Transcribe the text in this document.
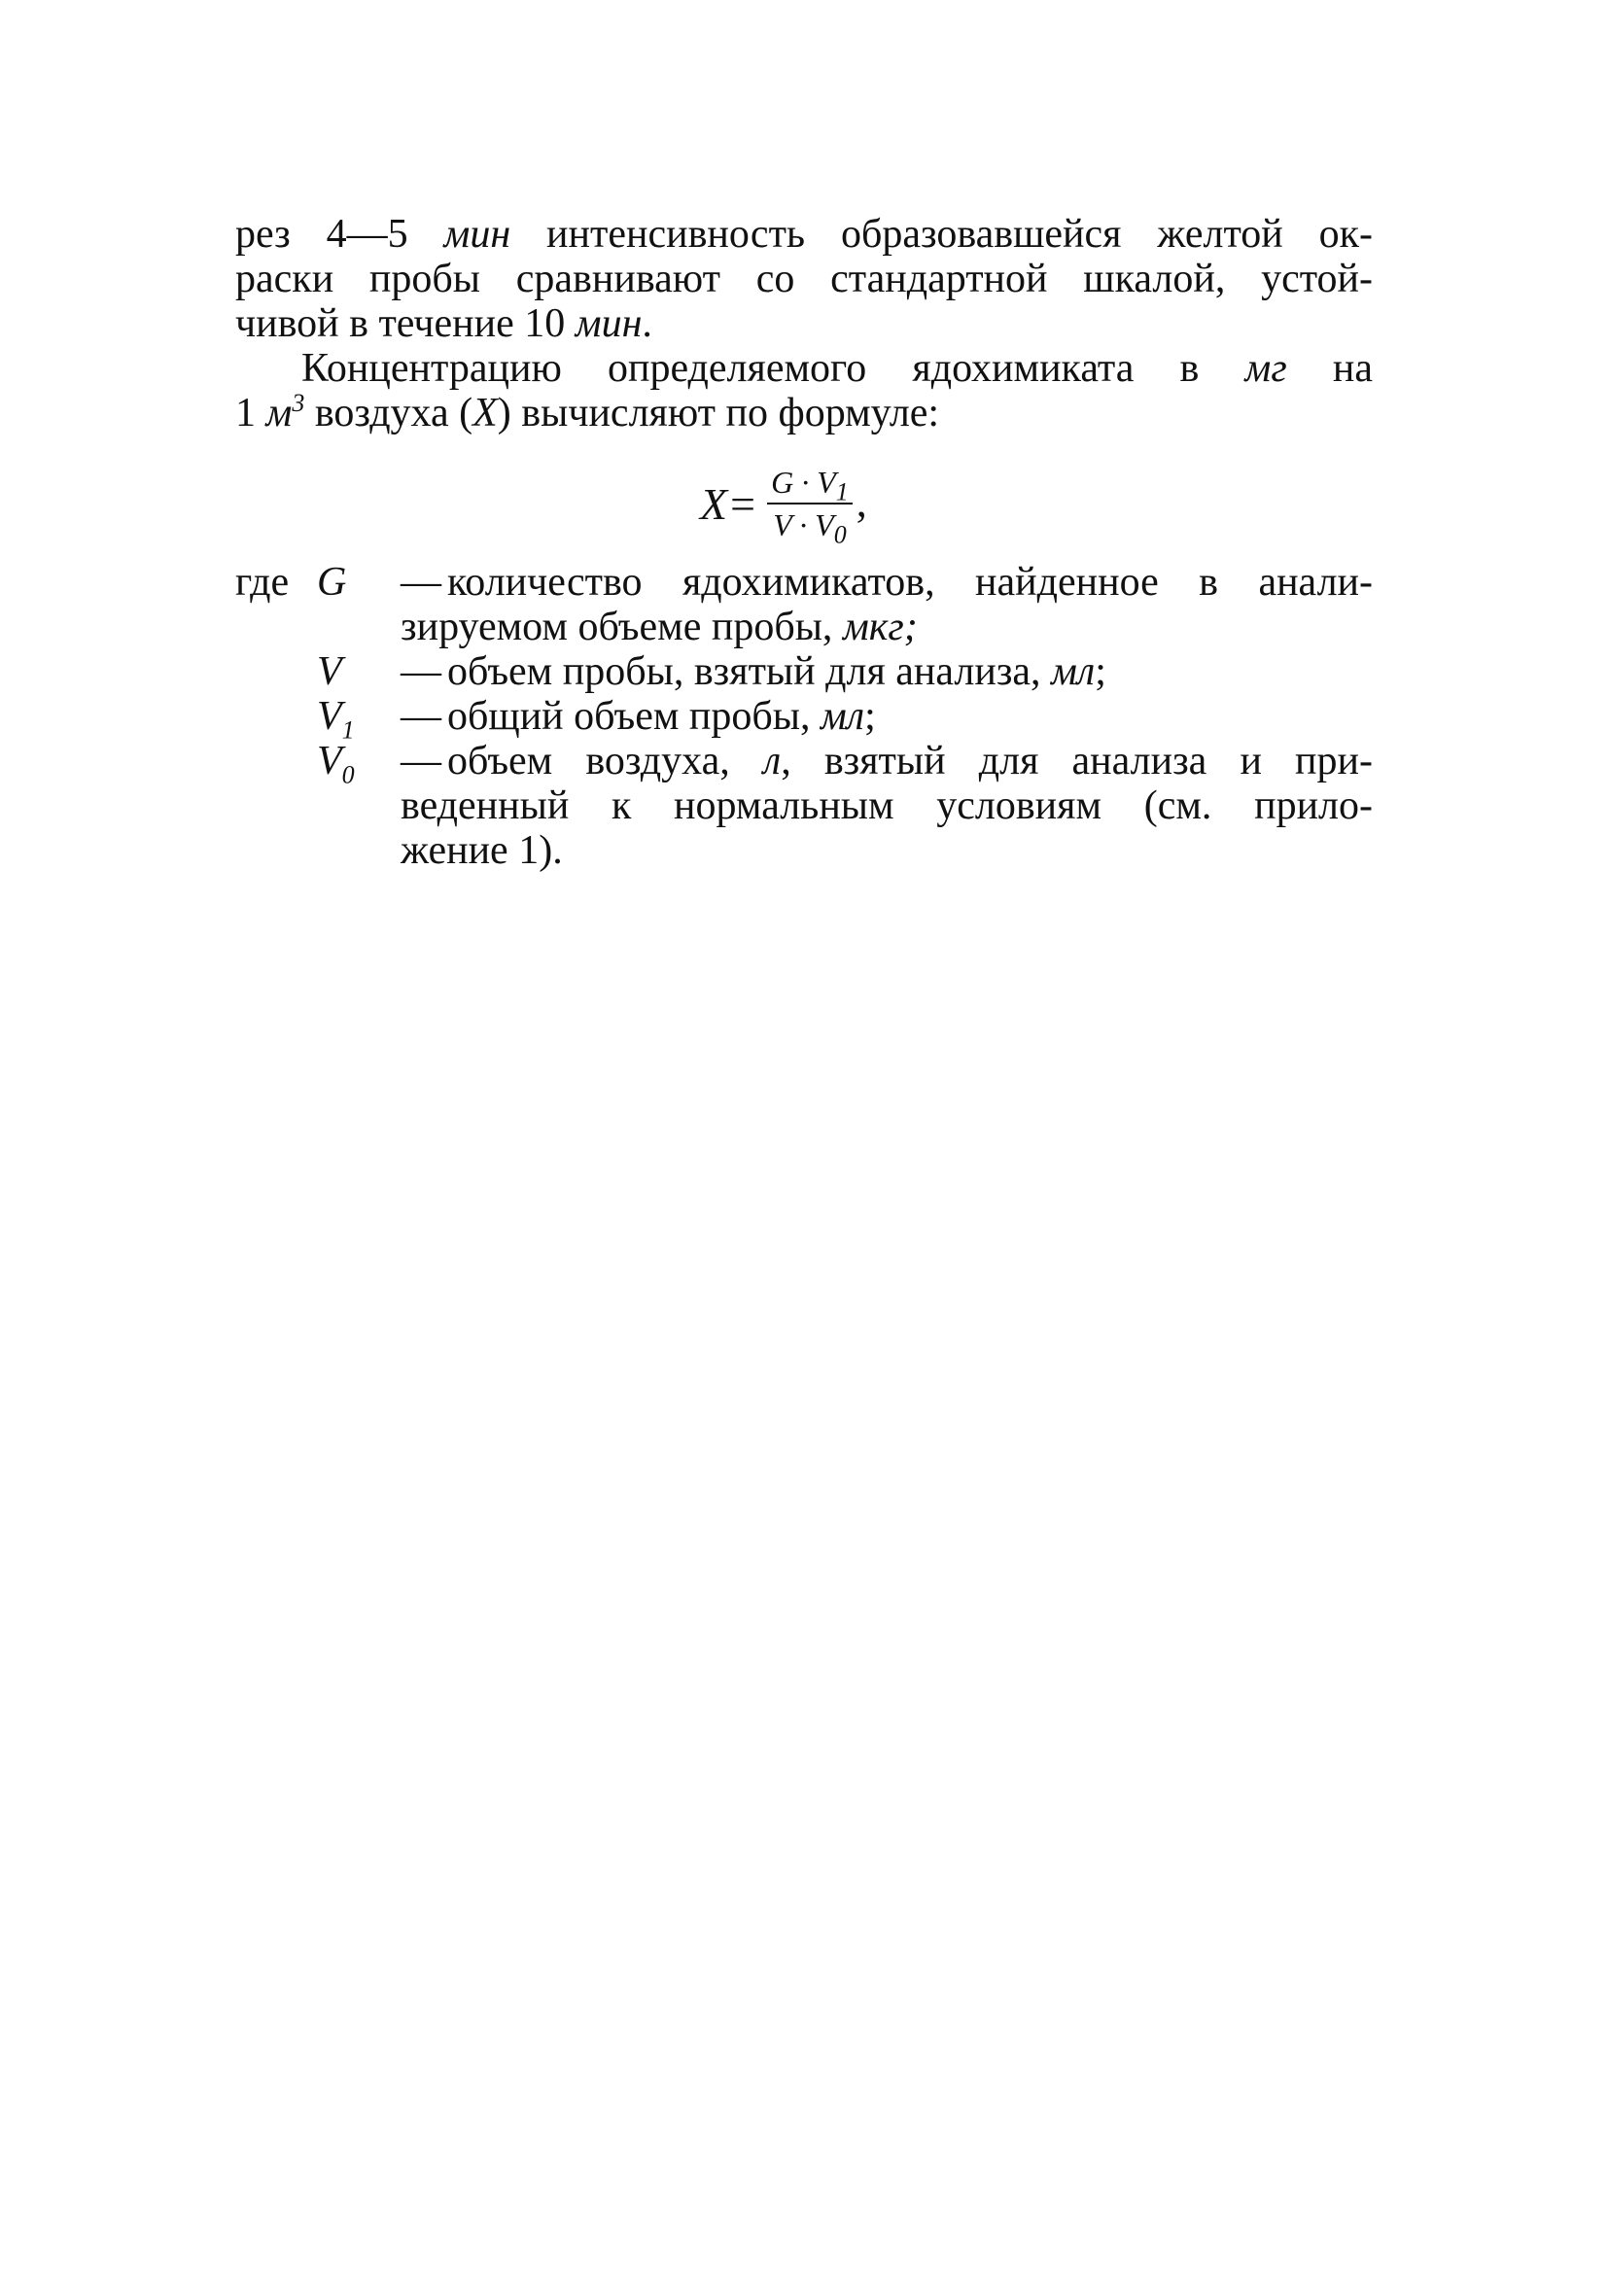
рез 4—5 мин интенсивность образовавшейся желтой ок-
раски пробы сравнивают со стандартной шкалой, устой-
чивой в течение 10 мин.

Концентрацию определяемого ядохимиката в мг на
1 $м^3$ воздуха (X) вычисляют по формуле:

$X= \frac{G \cdot V_1}{V \cdot V_0}$ ,
где G	— количество ядохимикатов, найденное в анали-
зируемом объеме пробы, мкг;
V	— объем пробы, взятый для анализа, мл;
$V_1$	— общий объем пробы, мл;
$V_0$	— объем воздуха, л, взятый для анализа и при-
веденный к нормальным условиям (см. прило-
жение 1).
